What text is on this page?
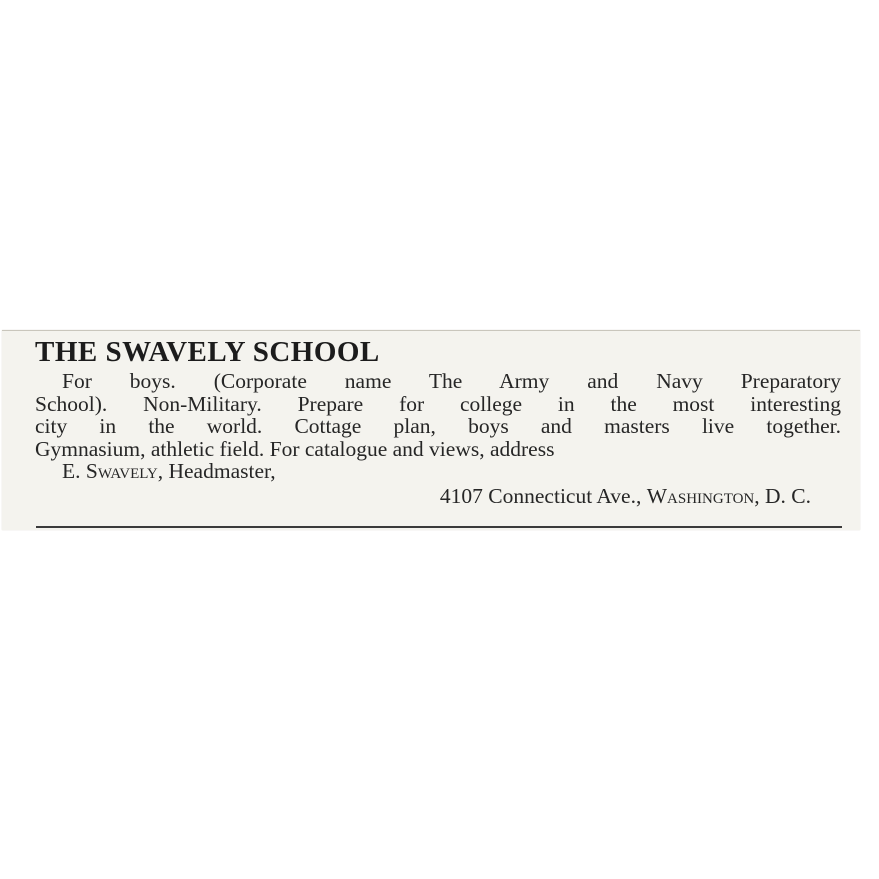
THE SWAVELY SCHOOL
For boys. (Corporate name The Army and Navy Preparatory
School). Non-Military. Prepare for college in the most interesting
city in the world. Cottage plan, boys and masters live together.
Gymnasium, athletic field. For catalogue and views, address
E. Swavely, Headmaster,
4107 Connecticut Ave., Washington, D. C.
